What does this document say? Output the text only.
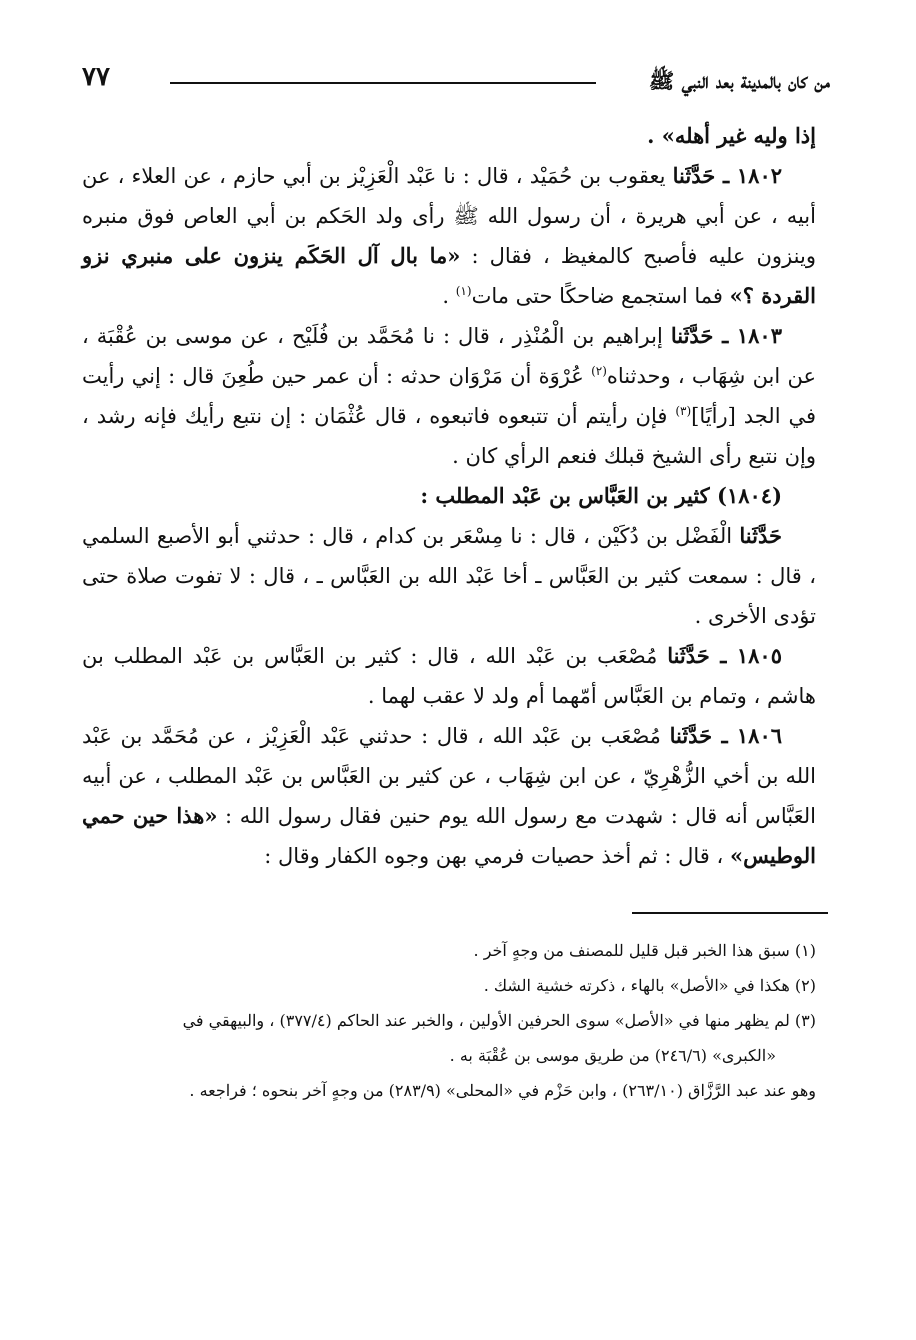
من كان بالمدينة بعد النبي ﷺ
٧٧

إذا وليه غير أهله» .

١٨٠٢ ـ حَدَّثَنا يعقوب بن حُمَيْد ، قال : نا عَبْد الْعَزِيْز بن أبي حازم ، عن العلاء ، عن أبيه ، عن أبي هريرة ، أن رسول الله ﷺ رأى ولد الحَكم بن أبي العاص فوق منبره وينزون عليه فأصبح كالمغيظ ، فقال : «ما بال آل الحَكَم ينزون على منبري نزو القردة ؟» فما استجمع ضاحكًا حتى مات$^{(١)}$ .

١٨٠٣ ـ حَدَّثَنا إبراهيم بن الْمُنْذِر ، قال : نا مُحَمَّد بن فُلَيْح ، عن موسى بن عُقْبَة ، عن ابن شِهَاب ، وحدثناه$^{(٢)}$ عُرْوَة أن مَرْوَان حدثه : أن عمر حين طُعِنَ قال : إني رأيت في الجد [رأيًا]$^{(٣)}$ فإن رأيتم أن تتبعوه فاتبعوه ، قال عُثْمَان : إن نتبع رأيك فإنه رشد ، وإن نتبع رأى الشيخ قبلك فنعم الرأي كان .

(١٨٠٤) كثير بن العَبَّاس بن عَبْد المطلب :

حَدَّثَنا الْفَضْل بن دُكَيْن ، قال : نا مِسْعَر بن كدام ، قال : حدثني أبو الأصبع السلمي ، قال : سمعت كثير بن العَبَّاس ـ أخا عَبْد الله بن العَبَّاس ـ ، قال : لا تفوت صلاة حتى تؤدى الأخرى .

١٨٠٥ ـ حَدَّثَنا مُصْعَب بن عَبْد الله ، قال : كثير بن العَبَّاس بن عَبْد المطلب بن هاشم ، وتمام بن العَبَّاس أمّهما أم ولد لا عقب لهما .

١٨٠٦ ـ حَدَّثَنا مُصْعَب بن عَبْد الله ، قال : حدثني عَبْد الْعَزِيْز ، عن مُحَمَّد بن عَبْد الله بن أخي الزُّهْرِيّ ، عن ابن شِهَاب ، عن كثير بن العَبَّاس بن عَبْد المطلب ، عن أبيه العَبَّاس أنه قال : شهدت مع رسول الله يوم حنين فقال رسول الله : «هذا حين حمي الوطيس» ، قال : ثم أخذ حصيات فرمي بهن وجوه الكفار وقال :

(١) سبق هذا الخبر قبل قليل للمصنف من وجهٍ آخر .

(٢) هكذا في «الأصل» بالهاء ، ذكرته خشية الشك .

(٣) لم يظهر منها في «الأصل» سوى الحرفين الأولين ، والخبر عند الحاكم (٣٧٧/٤) ، والبيهقي في

«الكبرى» (٢٤٦/٦) من طريق موسى بن عُقْبَة به .

وهو عند عبد الرَّزَّاق (٢٦٣/١٠) ، وابن حَزْم في «المحلى» (٢٨٣/٩) من وجهٍ آخر بنحوه ؛ فراجعه .
